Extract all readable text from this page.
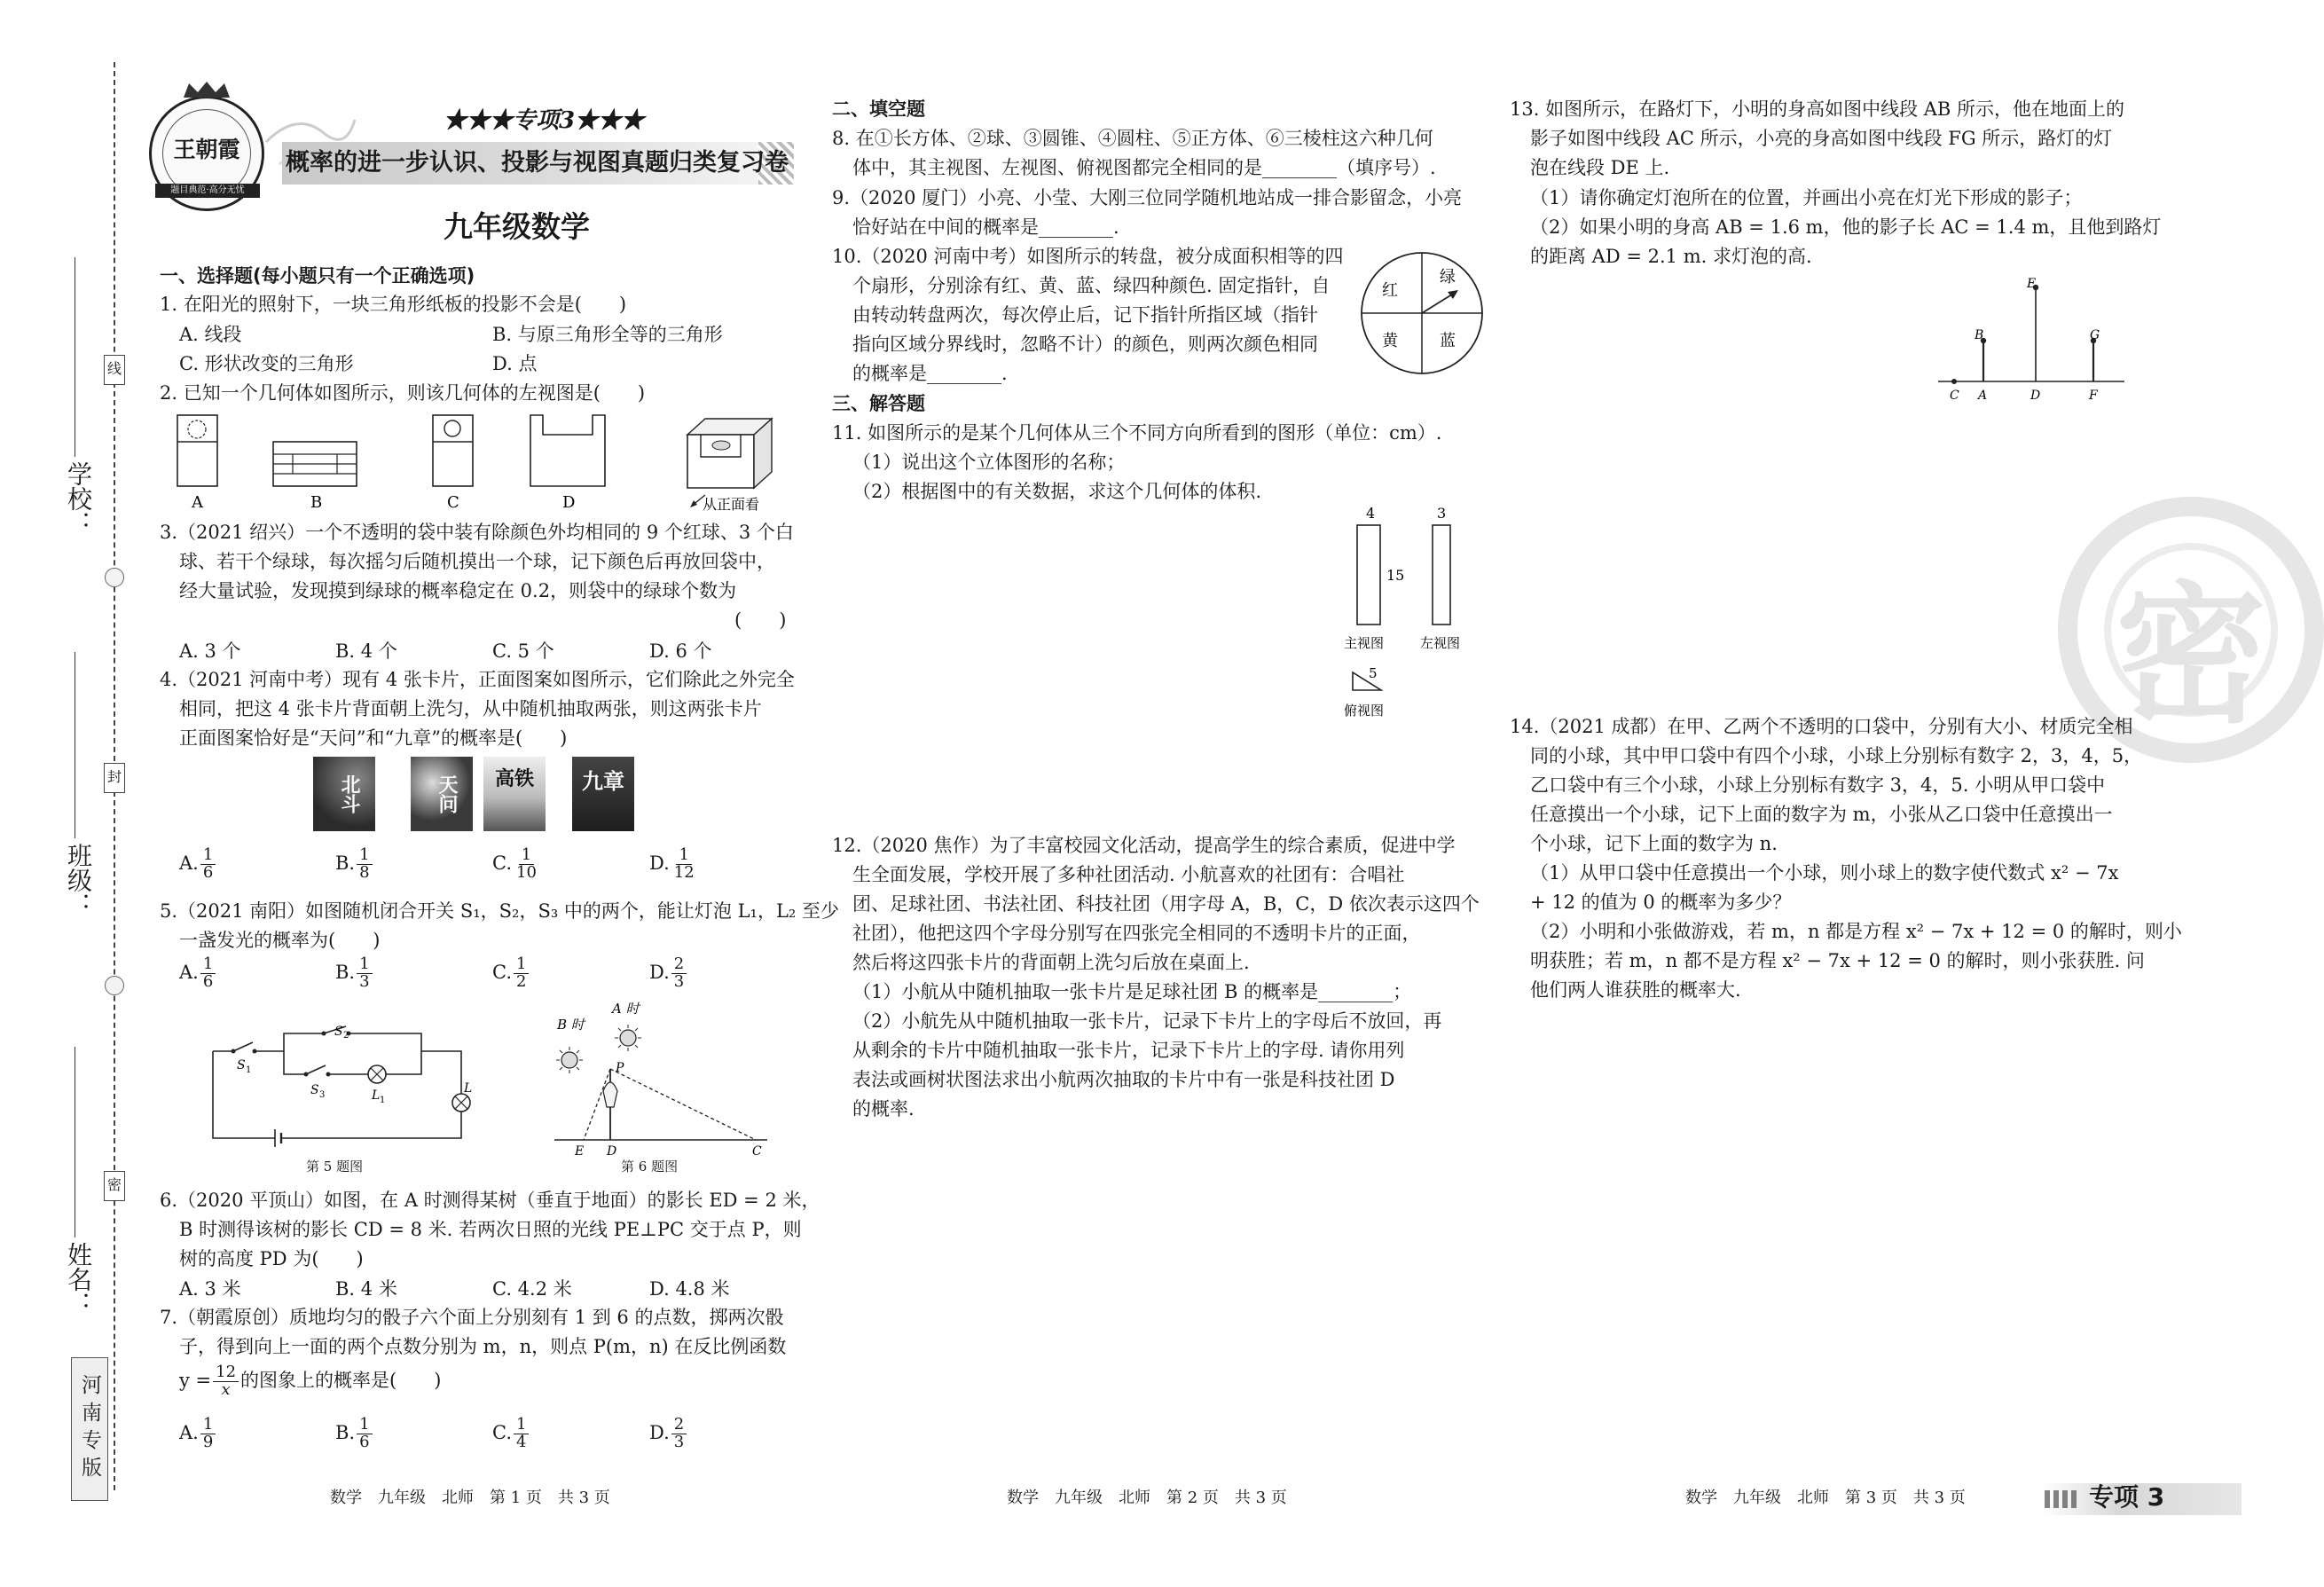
学校：
班级：
姓名：
线
封
密
河南专版
密
王朝霞
题目典范·高分无忧
★★★专项3★★★
概率的进一步认识、投影与视图真题归类复习卷
九年级数学
一、选择题(每小题只有一个正确选项)
1. 在阳光的照射下，一块三角形纸板的投影不会是(　　)
A. 线段	B. 与原三角形全等的三角形
C. 形状改变的三角形	D. 点
2. 已知一个几何体如图所示，则该几何体的左视图是(　　)
A	B	C	D	从正面看
3.（2021 绍兴）一个不透明的袋中装有除颜色外均相同的 9 个红球、3 个白
球、若干个绿球，每次摇匀后随机摸出一个球，记下颜色后再放回袋中，
经大量试验，发现摸到绿球的概率稳定在 0.2，则袋中的绿球个数为
(　　)
A. 3 个	B. 4 个	C. 5 个	D. 6 个
4.（2021 河南中考）现有 4 张卡片，正面图案如图所示，它们除此之外完全
相同，把这 4 张卡片背面朝上洗匀，从中随机抽取两张，则这两张卡片
正面图案恰好是“天问”和“九章”的概率是(　　)
北斗	天问	高铁	九章
A. $\frac{1}{6}$	B. $\frac{1}{8}$	C. $\frac{1}{10}$	D. $\frac{1}{12}$
5.（2021 南阳）如图随机闭合开关 S₁，S₂，S₃ 中的两个，能让灯泡 L₁，L₂ 至少
一盏发光的概率为(　　)
A. $\frac{1}{6}$	B. $\frac{1}{3}$	C. $\frac{1}{2}$	D. $\frac{2}{3}$
S 1
S 2
S 3	L 1
L
第 5 题图
B 时
A 时
P
E D	C
第 6 题图
6.（2020 平顶山）如图，在 A 时测得某树（垂直于地面）的影长 ED = 2 米，
B 时测得该树的影长 CD = 8 米. 若两次日照的光线 PE⊥PC 交于点 P，则
树的高度 PD 为(　　)
A. 3 米	B. 4 米	C. 4.2 米	D. 4.8 米
7.（朝霞原创）质地均匀的骰子六个面上分别刻有 1 到 6 的点数，掷两次骰
子，得到向上一面的两个点数分别为 m，n，则点 P(m，n) 在反比例函数
$y = \frac{12}{x}$ 的图象上的概率是(　　)
A. $\frac{1}{9}$	B. $\frac{1}{6}$	C. $\frac{1}{4}$	D. $\frac{2}{3}$
数学　九年级　北师　第 1 页　共 3 页
二、填空题
8. 在①长方体、②球、③圆锥、④圆柱、⑤正方体、⑥三棱柱这六种几何
体中，其主视图、左视图、俯视图都完全相同的是________（填序号）.
9.（2020 厦门）小亮、小莹、大刚三位同学随机地站成一排合影留念，小亮
恰好站在中间的概率是________.
10.（2020 河南中考）如图所示的转盘，被分成面积相等的四
个扇形，分别涂有红、黄、蓝、绿四种颜色. 固定指针，自
由转动转盘两次，每次停止后，记下指针所指区域（指针
指向区域分界线时，忽略不计）的颜色，则两次颜色相同
的概率是________.
红
绿
黄	蓝
三、解答题
11. 如图所示的是某个几何体从三个不同方向所看到的图形（单位：cm）.
（1）说出这个立体图形的名称；
（2）根据图中的有关数据，求这个几何体的体积.
4
15
3
主视图	左视图
5
俯视图
12.（2020 焦作）为了丰富校园文化活动，提高学生的综合素质，促进中学
生全面发展，学校开展了多种社团活动. 小航喜欢的社团有：合唱社
团、足球社团、书法社团、科技社团（用字母 A，B，C，D 依次表示这四个
社团），他把这四个字母分别写在四张完全相同的不透明卡片的正面，
然后将这四张卡片的背面朝上洗匀后放在桌面上.
（1）小航从中随机抽取一张卡片是足球社团 B 的概率是________；
（2）小航先从中随机抽取一张卡片，记录下卡片上的字母后不放回，再
从剩余的卡片中随机抽取一张卡片，记录下卡片上的字母. 请你用列
表法或画树状图法求出小航两次抽取的卡片中有一张是科技社团 D
的概率.
数学　九年级　北师　第 2 页　共 3 页
13. 如图所示，在路灯下，小明的身高如图中线段 AB 所示，他在地面上的
影子如图中线段 AC 所示，小亮的身高如图中线段 FG 所示，路灯的灯
泡在线段 DE 上.
（1）请你确定灯泡所在的位置，并画出小亮在灯光下形成的影子；
（2）如果小明的身高 AB = 1.6 m，他的影子长 AC = 1.4 m，且他到路灯
的距离 AD = 2.1 m. 求灯泡的高.
E
B	G
C A	D	F
14.（2021 成都）在甲、乙两个不透明的口袋中，分别有大小、材质完全相
同的小球，其中甲口袋中有四个小球，小球上分别标有数字 2，3，4，5，
乙口袋中有三个小球，小球上分别标有数字 3，4，5. 小明从甲口袋中
任意摸出一个小球，记下上面的数字为 m，小张从乙口袋中任意摸出一
个小球，记下上面的数字为 n.
（1）从甲口袋中任意摸出一个小球，则小球上的数字使代数式 x² − 7x
+ 12 的值为 0 的概率为多少？
（2）小明和小张做游戏，若 m，n 都是方程 x² − 7x + 12 = 0 的解时，则小
明获胜；若 m，n 都不是方程 x² − 7x + 12 = 0 的解时，则小张获胜. 问
他们两人谁获胜的概率大.
数学　九年级　北师　第 3 页　共 3 页	专项 3
